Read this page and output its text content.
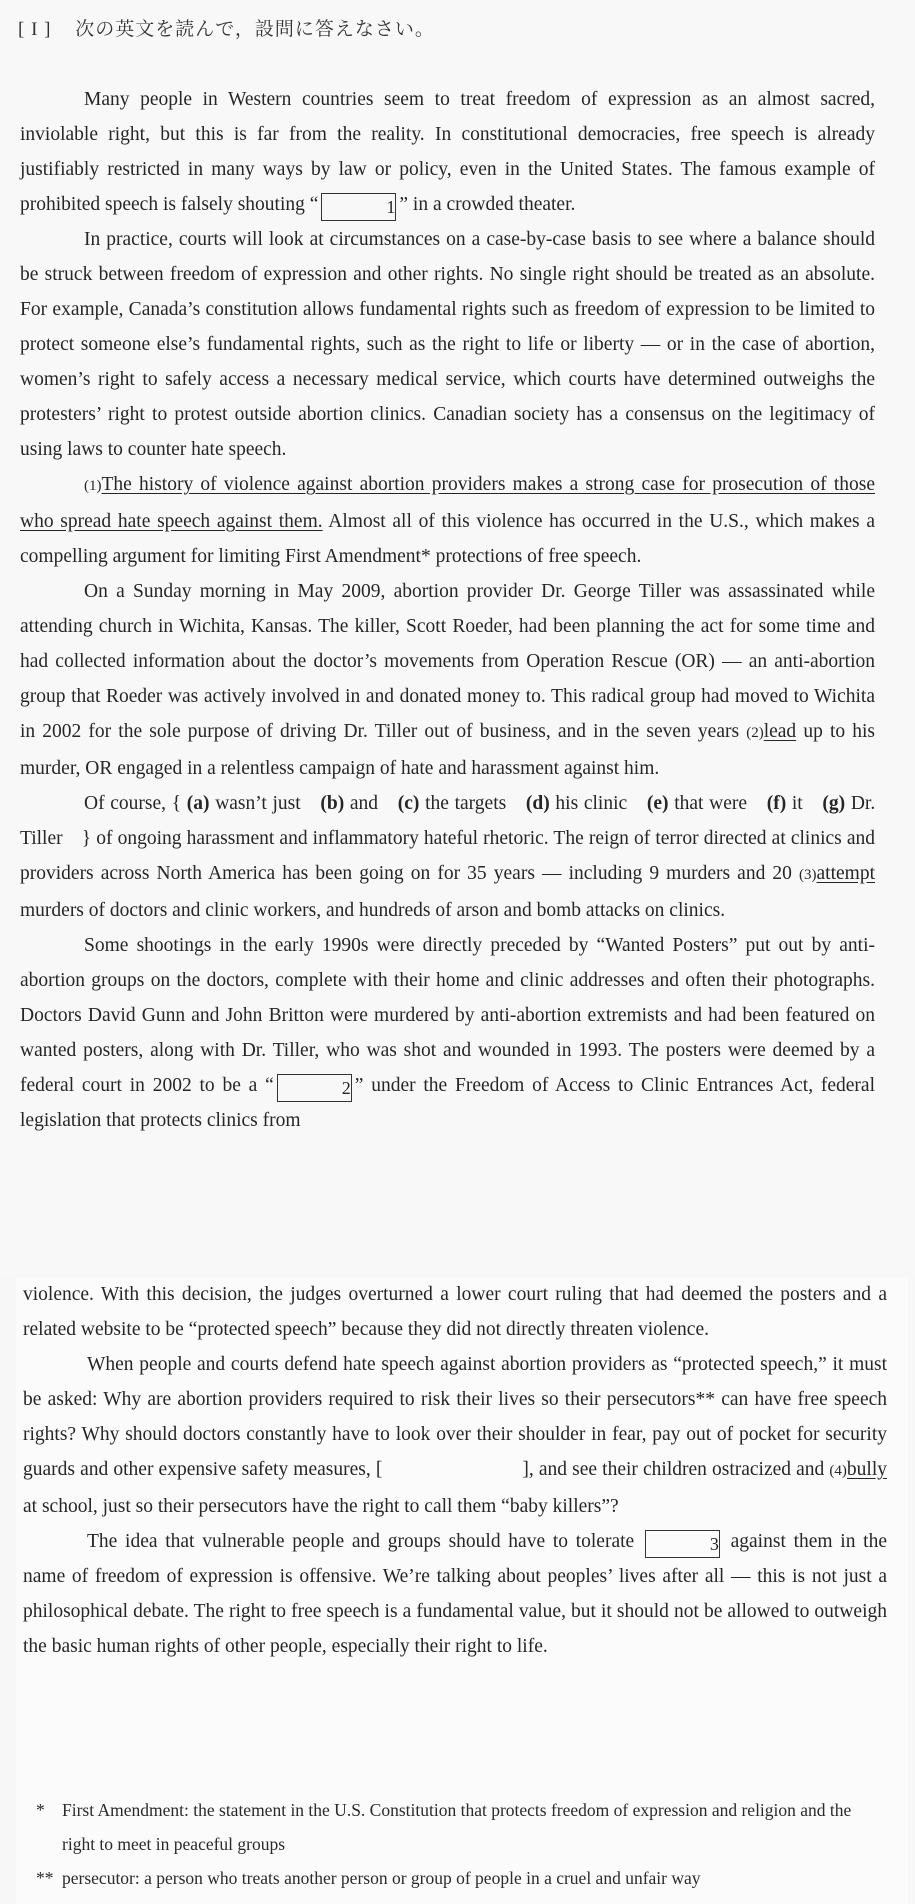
[ I ] 次の英文を読んで，設問に答えなさい。

Many people in Western countries seem to treat freedom of expression as an almost sacred, inviolable right, but this is far from the reality. In constitutional democracies, free speech is already justifiably restricted in many ways by law or policy, even in the United States. The famous example of prohibited speech is falsely shouting “	1 ” in a crowded theater.

In practice, courts will look at circumstances on a case-by-case basis to see where a balance should be struck between freedom of expression and other rights. No single right should be treated as an absolute. For example, Canada’s constitution allows fundamental rights such as freedom of expression to be limited to protect someone else’s fundamental rights, such as the right to life or liberty — or in the case of abortion, women’s right to safely access a necessary medical service, which courts have determined outweighs the protesters’ right to protest outside abortion clinics. Canadian society has a consensus on the legitimacy of using laws to counter hate speech.

(1)The history of violence against abortion providers makes a strong case for prosecution of those who spread hate speech against them. Almost all of this violence has occurred in the U.S., which makes a compelling argument for limiting First Amendment* protections of free speech.

On a Sunday morning in May 2009, abortion provider Dr. George Tiller was assassinated while attending church in Wichita, Kansas. The killer, Scott Roeder, had been planning the act for some time and had collected information about the doctor’s movements from Operation Rescue (OR) — an anti-abortion group that Roeder was actively involved in and donated money to. This radical group had moved to Wichita in 2002 for the sole purpose of driving Dr. Tiller out of business, and in the seven years (2)lead up to his murder, OR engaged in a relentless campaign of hate and harassment against him.

Of course, { (a) wasn’t just (b) and (c) the targets (d) his clinic (e) that were (f) it (g) Dr. Tiller } of ongoing harassment and inflammatory hateful rhetoric. The reign of terror directed at clinics and providers across North America has been going on for 35 years — including 9 murders and 20 (3)attempt murders of doctors and clinic workers, and hundreds of arson and bomb attacks on clinics.

Some shootings in the early 1990s were directly preceded by “Wanted Posters” put out by anti-abortion groups on the doctors, complete with their home and clinic addresses and often their photographs. Doctors David Gunn and John Britton were murdered by anti-abortion extremists and had been featured on wanted posters, along with Dr. Tiller, who was shot and wounded in 1993. The posters were deemed by a federal court in 2002 to be a “	2 ” under the Freedom of Access to Clinic Entrances Act, federal legislation that protects clinics from

violence. With this decision, the judges overturned a lower court ruling that had deemed the posters and a related website to be “protected speech” because they did not directly threaten violence.

When people and courts defend hate speech against abortion providers as “protected speech,” it must be asked: Why are abortion providers required to risk their lives so their persecutors** can have free speech rights? Why should doctors constantly have to look over their shoulder in fear, pay out of pocket for security guards and other expensive safety measures, [	], and see their children ostracized and (4)bully at school, just so their persecutors have the right to call them “baby killers”?

The idea that vulnerable people and groups should have to tolerate	3 against them in the name of freedom of expression is offensive. We’re talking about peoples’ lives after all — this is not just a philosophical debate. The right to free speech is a fundamental value, but it should not be allowed to outweigh the basic human rights of other people, especially their right to life.

* First Amendment: the statement in the U.S. Constitution that protects freedom of expression and religion and the right to meet in peaceful groups

** persecutor: a person who treats another person or group of people in a cruel and unfair way
